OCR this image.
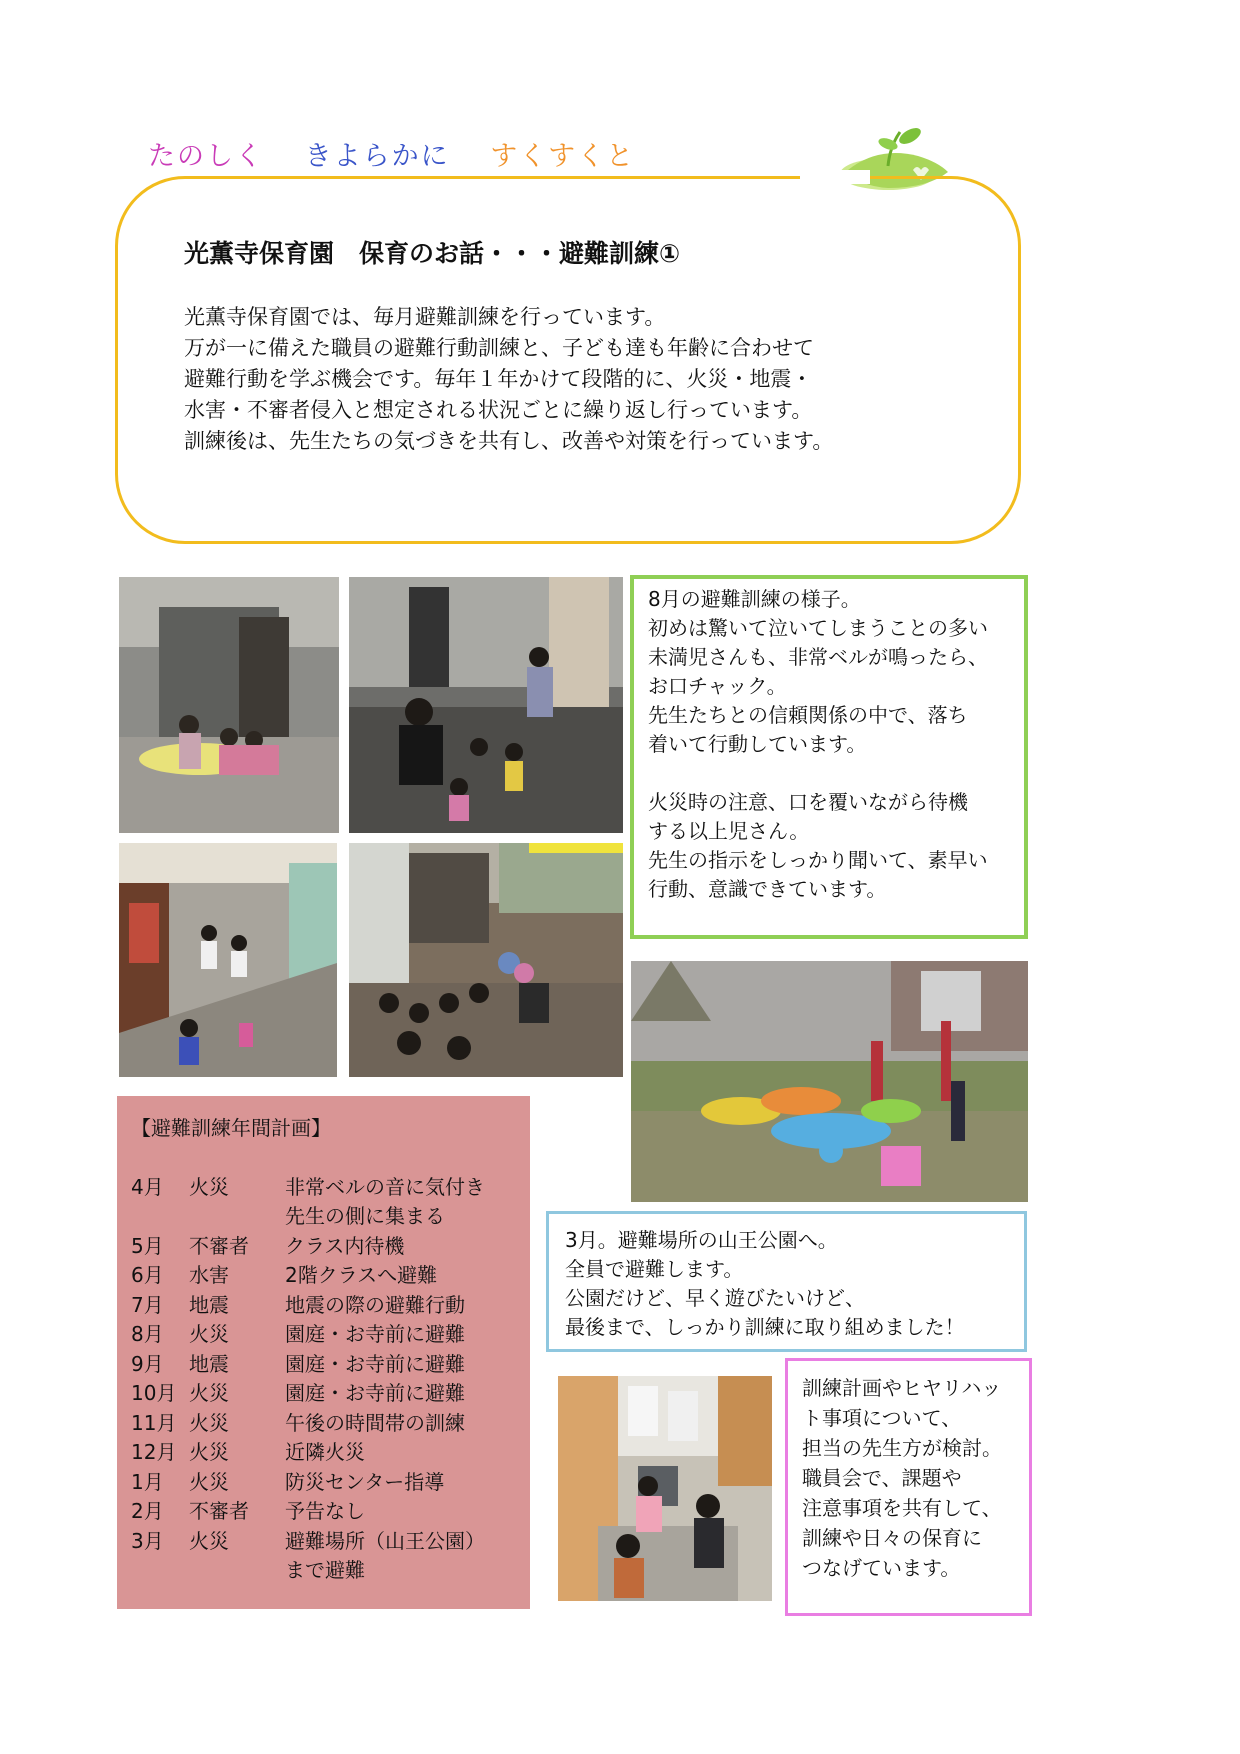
たのしく きよらかに すくすくと
光薫寺保育園　保育のお話・・・避難訓練①

光薫寺保育園では、毎月避難訓練を行っています。

万が一に備えた職員の避難行動訓練と、子ども達も年齢に合わせて

避難行動を学ぶ機会です。毎年１年かけて段階的に、火災・地震・

水害・不審者侵入と想定される状況ごとに繰り返し行っています。

訓練後は、先生たちの気づきを共有し、改善や対策を行っています。

8月の避難訓練の様子。

初めは驚いて泣いてしまうことの多い

未満児さんも、非常ベルが鳴ったら、

お口チャック。

先生たちとの信頼関係の中で、落ち

着いて行動しています。

火災時の注意、口を覆いながら待機

する以上児さん。

先生の指示をしっかり聞いて、素早い

行動、意識できています。

【避難訓練年間計画】

4月	火災	非常ベルの音に気付き
先生の側に集まる
5月	不審者	クラス内待機
6月	水害	2階クラスへ避難
7月	地震	地震の際の避難行動
8月	火災	園庭・お寺前に避難
9月	地震	園庭・お寺前に避難
10月 火災	園庭・お寺前に避難
11月 火災	午後の時間帯の訓練
12月 火災	近隣火災
1月	火災	防災センター指導
2月	不審者	予告なし
3月	火災	避難場所（山王公園）
まで避難

3月。避難場所の山王公園へ。

全員で避難します。

公園だけど、早く遊びたいけど、

最後まで、しっかり訓練に取り組めました！

訓練計画やヒヤリハッ

ト事項について、

担当の先生方が検討。

職員会で、課題や

注意事項を共有して、

訓練や日々の保育に

つなげています。
